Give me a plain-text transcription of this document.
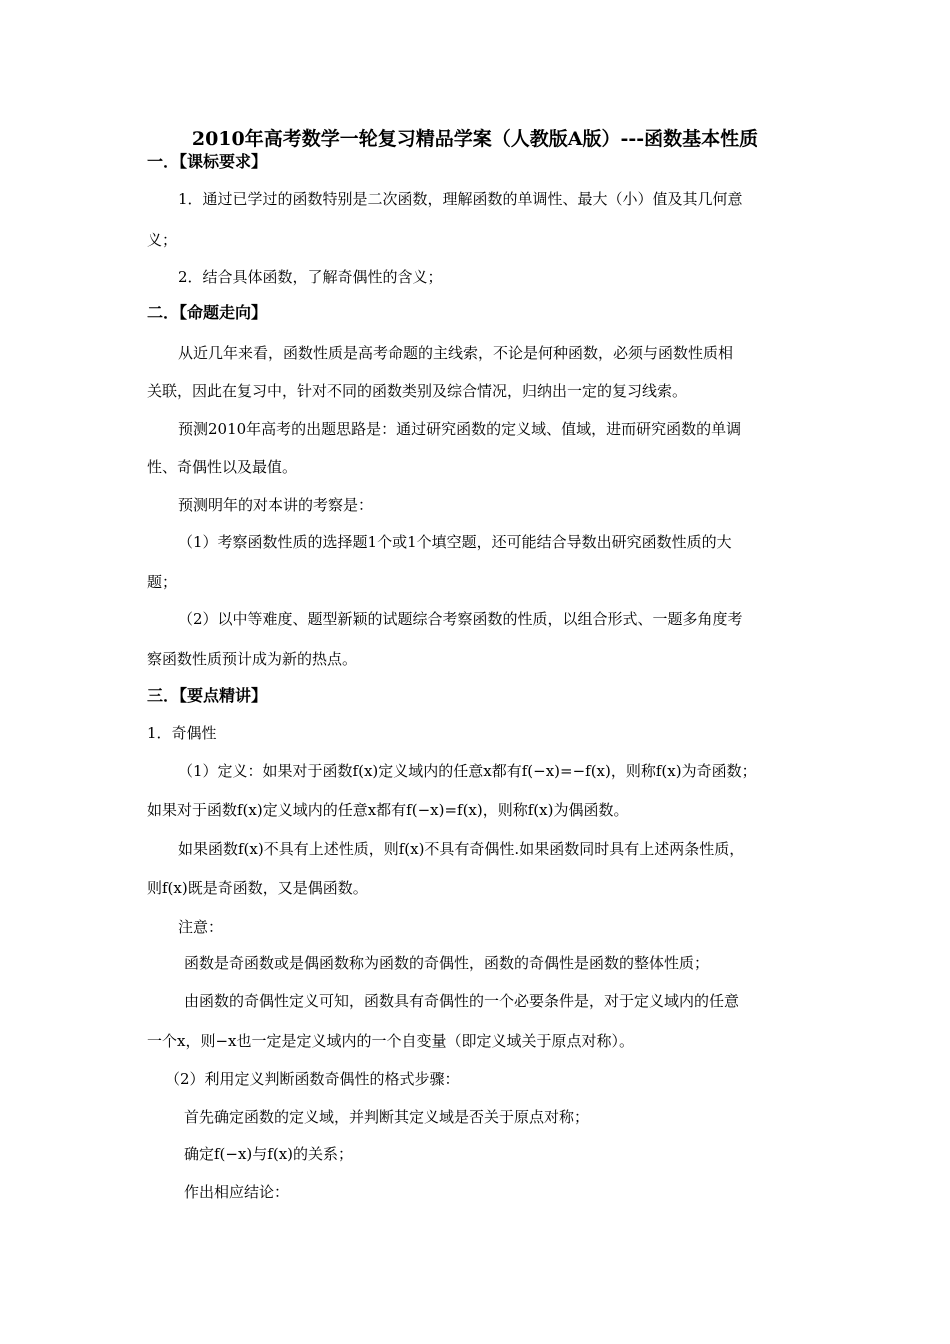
2010年高考数学一轮复习精品学案（人教版A版）---函数基本性质
一．【课标要求】
1．通过已学过的函数特别是二次函数，理解函数的单调性、最大（小）值及其几何意
义；
2．结合具体函数，了解奇偶性的含义；
二．【命题走向】
从近几年来看，函数性质是高考命题的主线索，不论是何种函数，必须与函数性质相
关联，因此在复习中，针对不同的函数类别及综合情况，归纳出一定的复习线索。
预测2010年高考的出题思路是：通过研究函数的定义域、值域，进而研究函数的单调
性、奇偶性以及最值。
预测明年的对本讲的考察是：
（1）考察函数性质的选择题1个或1个填空题，还可能结合导数出研究函数性质的大
题；
（2）以中等难度、题型新颖的试题综合考察函数的性质，以组合形式、一题多角度考
察函数性质预计成为新的热点。
三．【要点精讲】
1．奇偶性
（1）定义：如果对于函数f(x)定义域内的任意x都有f(−x)=−f(x)，则称f(x)为奇函数；
如果对于函数f(x)定义域内的任意x都有f(−x)=f(x)，则称f(x)为偶函数。
如果函数f(x)不具有上述性质，则f(x)不具有奇偶性.如果函数同时具有上述两条性质，
则f(x)既是奇函数，又是偶函数。
注意：
函数是奇函数或是偶函数称为函数的奇偶性，函数的奇偶性是函数的整体性质；
由函数的奇偶性定义可知，函数具有奇偶性的一个必要条件是，对于定义域内的任意
一个x，则−x也一定是定义域内的一个自变量（即定义域关于原点对称）。
（2）利用定义判断函数奇偶性的格式步骤：
首先确定函数的定义域，并判断其定义域是否关于原点对称；
确定f(−x)与f(x)的关系；
作出相应结论：
